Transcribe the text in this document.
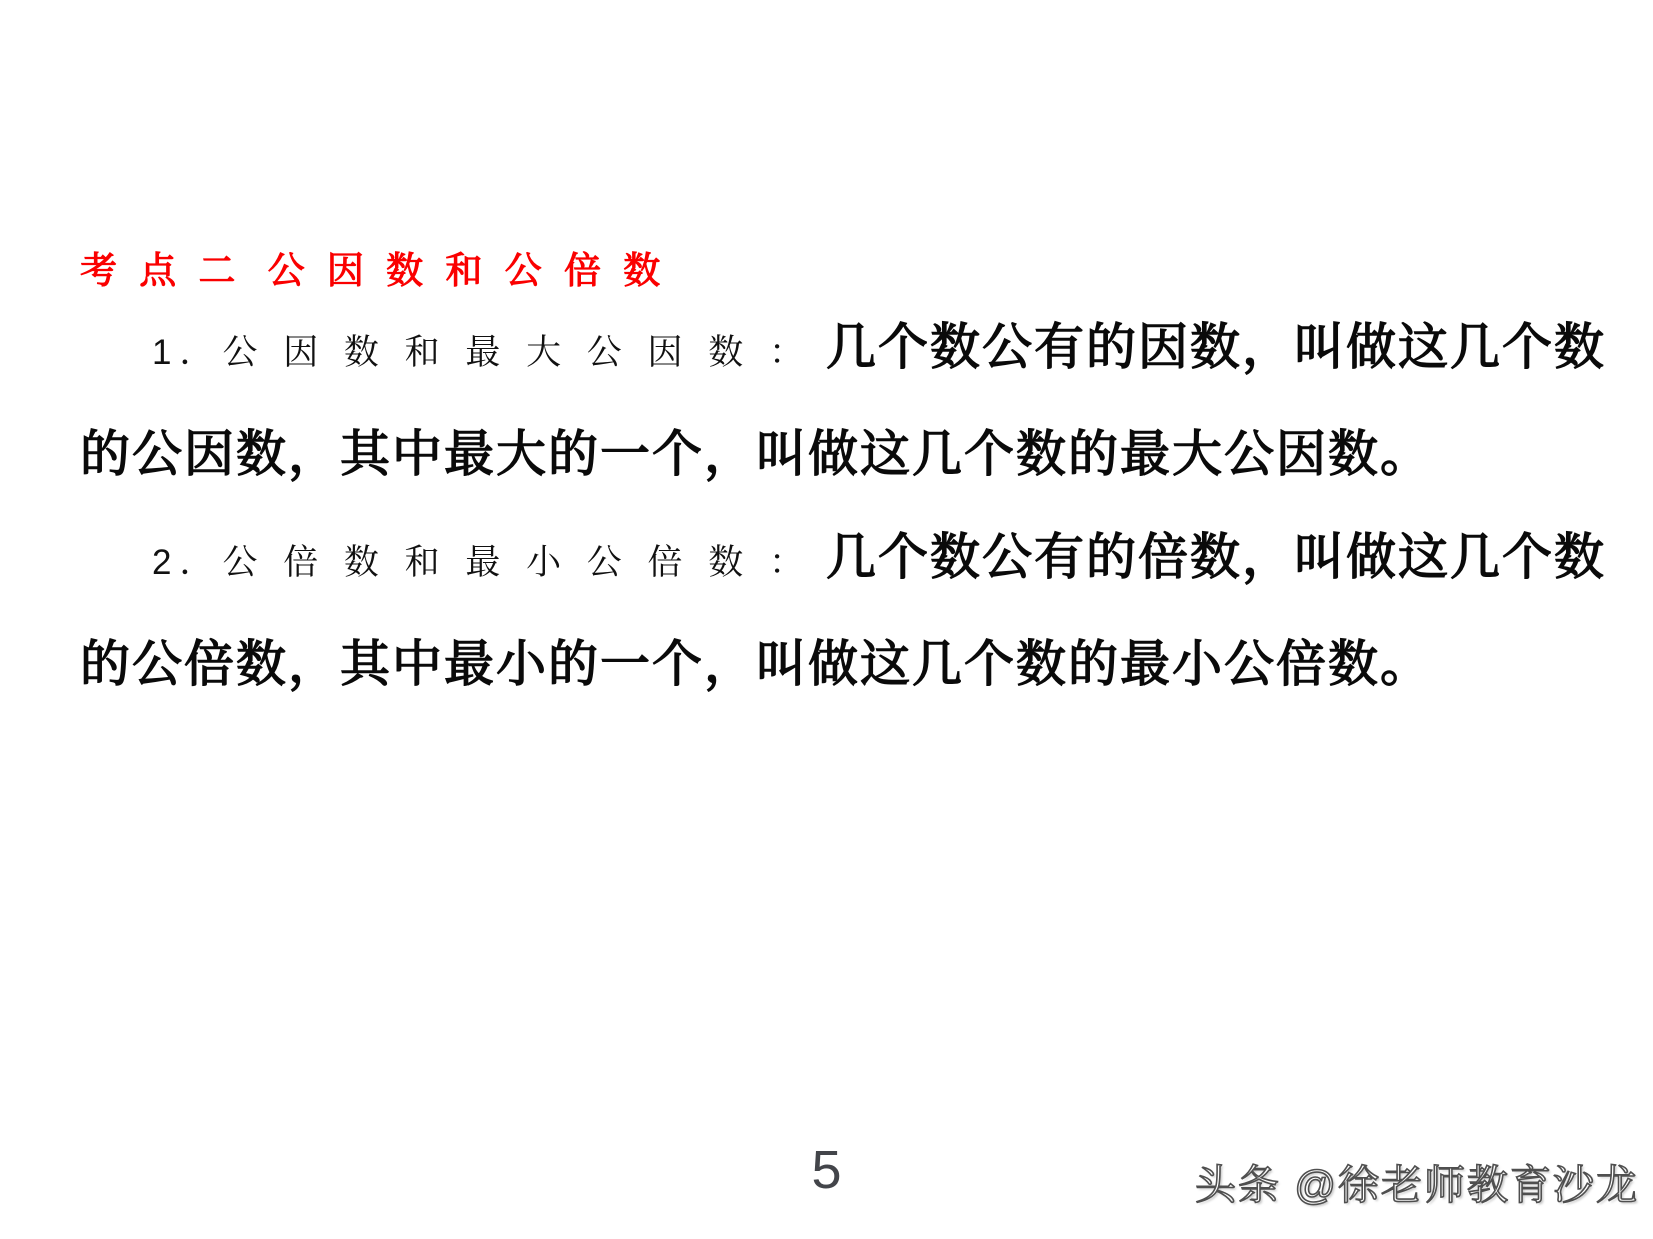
考 点 二 公 因 数 和 公 倍 数
1．公 因 数 和 最 大 公 因 数 ： 几个数公有的因数，叫做这几个数
的公因数，其中最大的一个，叫做这几个数的最大公因数。
2．公 倍 数 和 最 小 公 倍 数 ： 几个数公有的倍数，叫做这几个数
的公倍数，其中最小的一个，叫做这几个数的最小公倍数。
5	头条 @徐老师教育沙龙
